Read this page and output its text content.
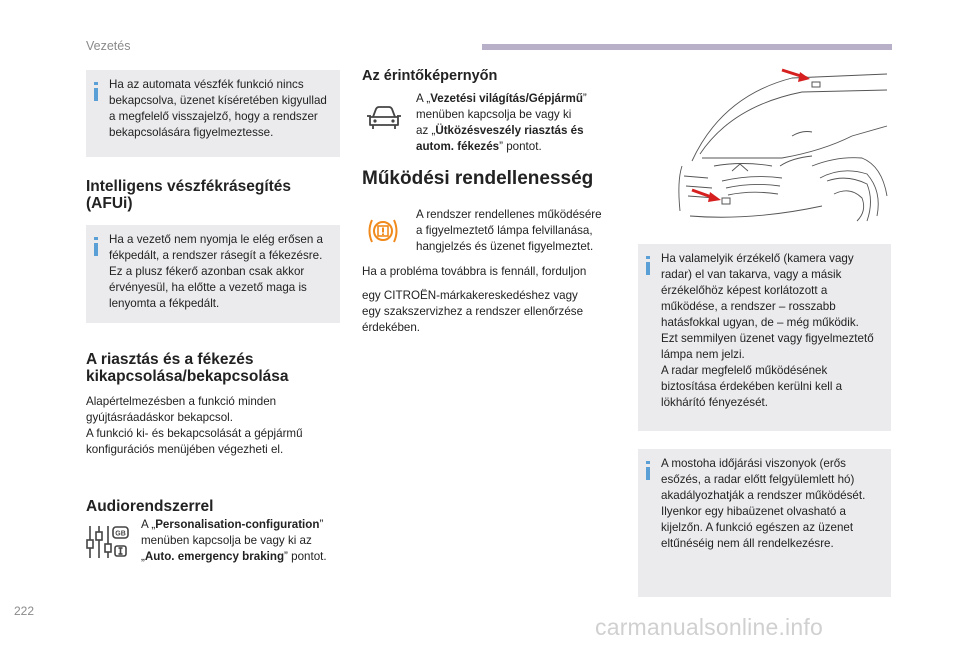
Vezetés
Ha az automata vészfék funkció nincs
bekapcsolva, üzenet kíséretében kigyullad
a megfelelő visszajelző, hogy a rendszer
bekapcsolására figyelmeztesse.
Intelligens vészfékrásegítés
(AFUi)
Ha a vezető nem nyomja le elég erősen a
fékpedált, a rendszer rásegít a fékezésre.
Ez a plusz fékerő azonban csak akkor
érvényesül, ha előtte a vezető maga is
lenyomta a fékpedált.
A riasztás és a fékezés
kikapcsolása/bekapcsolása
Alapértelmezésben a funkció minden
gyújtásráadáskor bekapcsol.
A funkció ki- és bekapcsolását a gépjármű
konfigurációs menüjében végezheti el.
Audiorendszerrel
GB
A „Personalisation-configuration”
menüben kapcsolja be vagy ki az
„Auto. emergency braking” pontot.
Az érintőképernyőn
A „Vezetési világítás/Gépjármű”
menüben kapcsolja be vagy ki
az „Ütközésveszély riasztás és
autom. fékezés” pontot.
Működési rendellenesség
A rendszer rendellenes működésére
a figyelmeztető lámpa felvillanása,
hangjelzés és üzenet figyelmeztet.
Ha a probléma továbbra is fennáll, forduljon
egy CITROËN-márkakereskedéshez vagy
egy szakszervizhez a rendszer ellenőrzése
érdekében.
Ha valamelyik érzékelő (kamera vagy
radar) el van takarva, vagy a másik
érzékelőhöz képest korlátozott a
működése, a rendszer – rosszabb
hatásfokkal ugyan, de – még működik.
Ezt semmilyen üzenet vagy figyelmeztető
lámpa nem jelzi.
A radar megfelelő működésének
biztosítása érdekében kerülni kell a
lökhárító fényezését.
A mostoha időjárási viszonyok (erős
esőzés, a radar előtt felgyülemlett hó)
akadályozhatják a rendszer működését.
Ilyenkor egy hibaüzenet olvasható a
kijelzőn. A funkció egészen az üzenet
eltűnéséig nem áll rendelkezésre.
222
carmanualsonline.info
